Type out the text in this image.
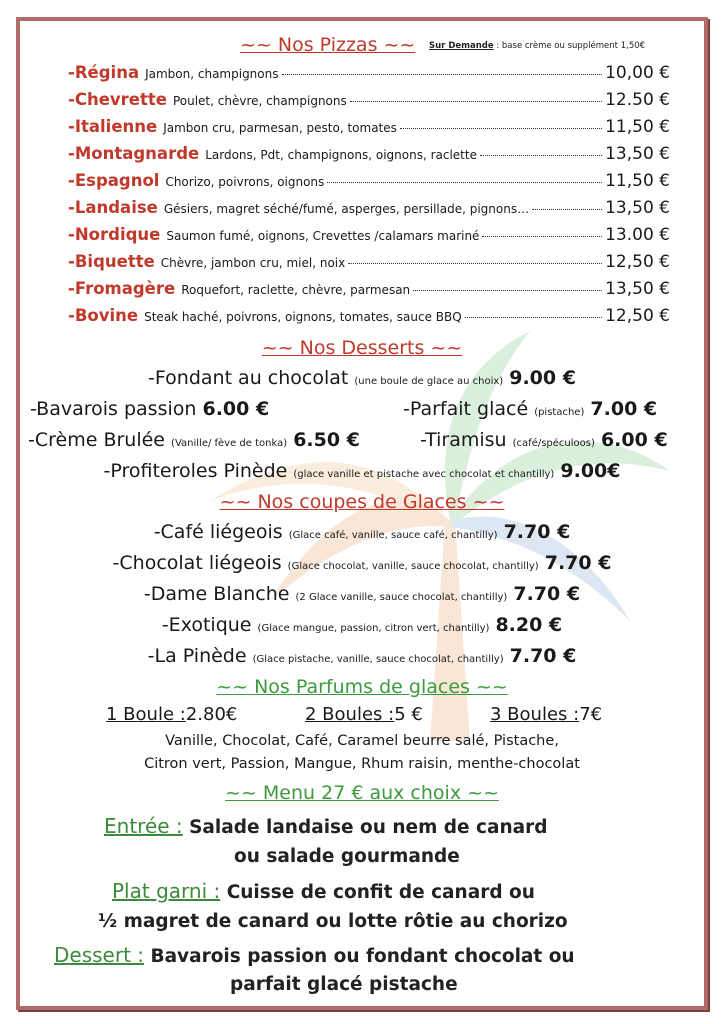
~~ Nos Pizzas ~~ Sur Demande : base crème ou supplément 1,50€
-Régina Jambon, champignons	10,00 €
-Chevrette Poulet, chèvre, champignons	12.50 €
-Italienne Jambon cru, parmesan, pesto, tomates	11,50 €
-Montagnarde Lardons, Pdt, champignons, oignons, raclette	13,50 €
-Espagnol Chorizo, poivrons, oignons	11,50 €
-Landaise Gésiers, magret séché/fumé, asperges, persillade, pignons…	13,50 €
-Nordique Saumon fumé, oignons, Crevettes /calamars mariné	13.00 €
-Biquette Chèvre, jambon cru, miel, noix	12,50 €
-Fromagère Roquefort, raclette, chèvre, parmesan	13,50 €
-Bovine Steak haché, poivrons, oignons, tomates, sauce BBQ	12,50 €
~~ Nos Desserts ~~
-Fondant au chocolat (une boule de glace au choix) 9.00 €
-Bavarois passion 6.00 €	-Parfait glacé (pistache) 7.00 €
-Crème Brulée (Vanille/ fève de tonka) 6.50 €	-Tiramisu (café/spéculoos) 6.00 €
-Profiteroles Pinède (glace vanille et pistache avec chocolat et chantilly) 9.00€
~~ Nos coupes de Glaces ~~
-Café liégeois (Glace café, vanille, sauce café, chantilly) 7.70 €
-Chocolat liégeois (Glace chocolat, vanille, sauce chocolat, chantilly) 7.70 €
-Dame Blanche (2 Glace vanille, sauce chocolat, chantilly) 7.70 €
-Exotique (Glace mangue, passion, citron vert, chantilly) 8.20 €
-La Pinède (Glace pistache, vanille, sauce chocolat, chantilly) 7.70 €
~~ Nos Parfums de glaces ~~
1 Boule :2.80€	2 Boules :5 €	3 Boules :7€
Vanille, Chocolat, Café, Caramel beurre salé, Pistache,
Citron vert, Passion, Mangue, Rhum raisin, menthe-chocolat
~~ Menu 27 € aux choix ~~
Entrée : Salade landaise ou nem de canard
ou salade gourmande
Plat garni : Cuisse de confit de canard ou
½ magret de canard ou lotte rôtie au chorizo
Dessert : Bavarois passion ou fondant chocolat ou
parfait glacé pistache
